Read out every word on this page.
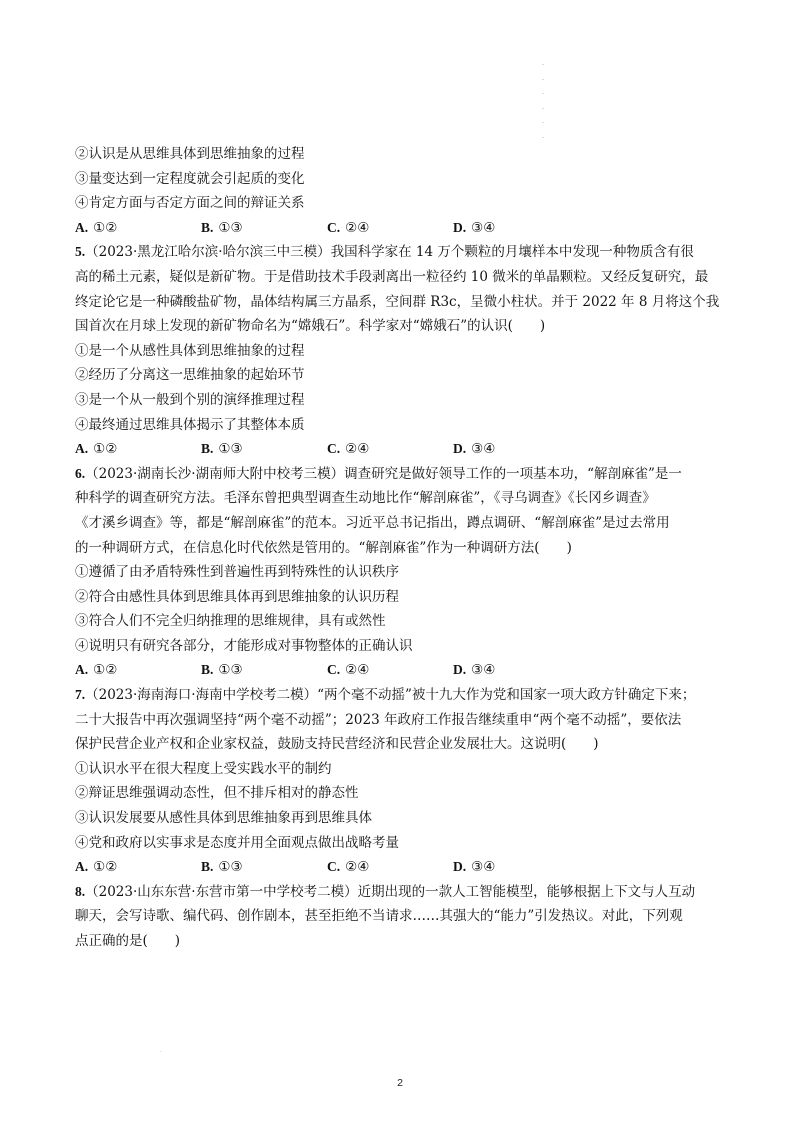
.
.
.
.
.
.
②认识是从思维具体到思维抽象的过程
③量变达到一定程度就会引起质的变化
④肯定方面与否定方面之间的辩证关系
A. ①②	B. ①③	C. ②④	D. ③④
5.（2023·黑龙江哈尔滨·哈尔滨三中三模）我国科学家在 14 万个颗粒的月壤样本中发现一种物质含有很
高的稀土元素，疑似是新矿物。于是借助技术手段剥离出一粒径约 10 微米的单晶颗粒。又经反复研究，最
终定论它是一种磷酸盐矿物，晶体结构属三方晶系，空间群 R3c，呈微小柱状。并于 2022 年 8 月将这个我
国首次在月球上发现的新矿物命名为“嫦娥石”。科学家对“嫦娥石”的认识(　　)
①是一个从感性具体到思维抽象的过程
②经历了分离这一思维抽象的起始环节
③是一个从一般到个别的演绎推理过程
④最终通过思维具体揭示了其整体本质
A. ①②	B. ①③	C. ②④	D. ③④
6.（2023·湖南长沙·湖南师大附中校考三模）调查研究是做好领导工作的一项基本功，“解剖麻雀”是一
种科学的调查研究方法。毛泽东曾把典型调查生动地比作“解剖麻雀”，《寻乌调查》《长冈乡调查》
《才溪乡调查》等，都是“解剖麻雀”的范本。习近平总书记指出，蹲点调研、“解剖麻雀”是过去常用
的一种调研方式，在信息化时代依然是管用的。“解剖麻雀”作为一种调研方法(　　)
①遵循了由矛盾特殊性到普遍性再到特殊性的认识秩序
②符合由感性具体到思维具体再到思维抽象的认识历程
③符合人们不完全归纳推理的思维规律，具有或然性
④说明只有研究各部分，才能形成对事物整体的正确认识
A. ①②	B. ①③	C. ②④	D. ③④
7.（2023·海南海口·海南中学校考二模）“两个毫不动摇”被十九大作为党和国家一项大政方针确定下来；
二十大报告中再次强调坚持“两个毫不动摇”；2023 年政府工作报告继续重申“两个毫不动摇”，要依法
保护民营企业产权和企业家权益，鼓励支持民营经济和民营企业发展壮大。这说明(　　)
①认识水平在很大程度上受实践水平的制约
②辩证思维强调动态性，但不排斥相对的静态性
③认识发展要从感性具体到思维抽象再到思维具体
④党和政府以实事求是态度并用全面观点做出战略考量
A. ①②	B. ①③	C. ②④	D. ③④
8.（2023·山东东营·东营市第一中学校考二模）近期出现的一款人工智能模型，能够根据上下文与人互动
聊天，会写诗歌、编代码、创作剧本，甚至拒绝不当请求……其强大的“能力”引发热议。对此，下列观
点正确的是(　　)
.
2
